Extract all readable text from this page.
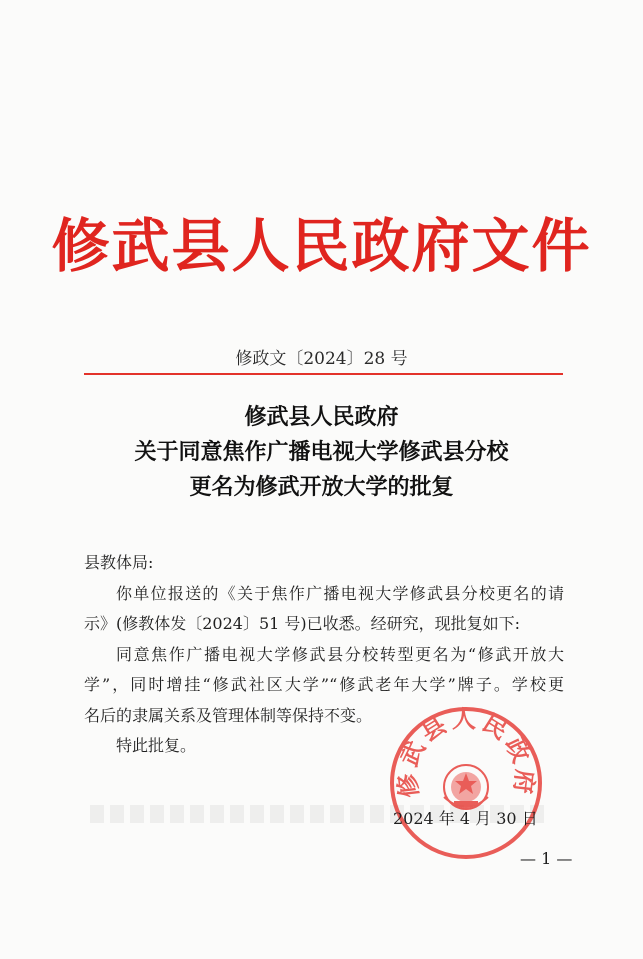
修武县人民政府文件
修政文〔2024〕28 号
修武县人民政府
关于同意焦作广播电视大学修武县分校
更名为修武开放大学的批复
县教体局:
你单位报送的《关于焦作广播电视大学修武县分校更名的请
示》(修教体发〔2024〕51 号)已收悉。经研究，现批复如下:
同意焦作广播电视大学修武县分校转型更名为“修武开放大
学”，同时增挂“修武社区大学”“修武老年大学”牌子。学校更
名后的隶属关系及管理体制等保持不变。
特此批复。
修武县人民政府
2024 年 4 月 30 日
— 1 —
